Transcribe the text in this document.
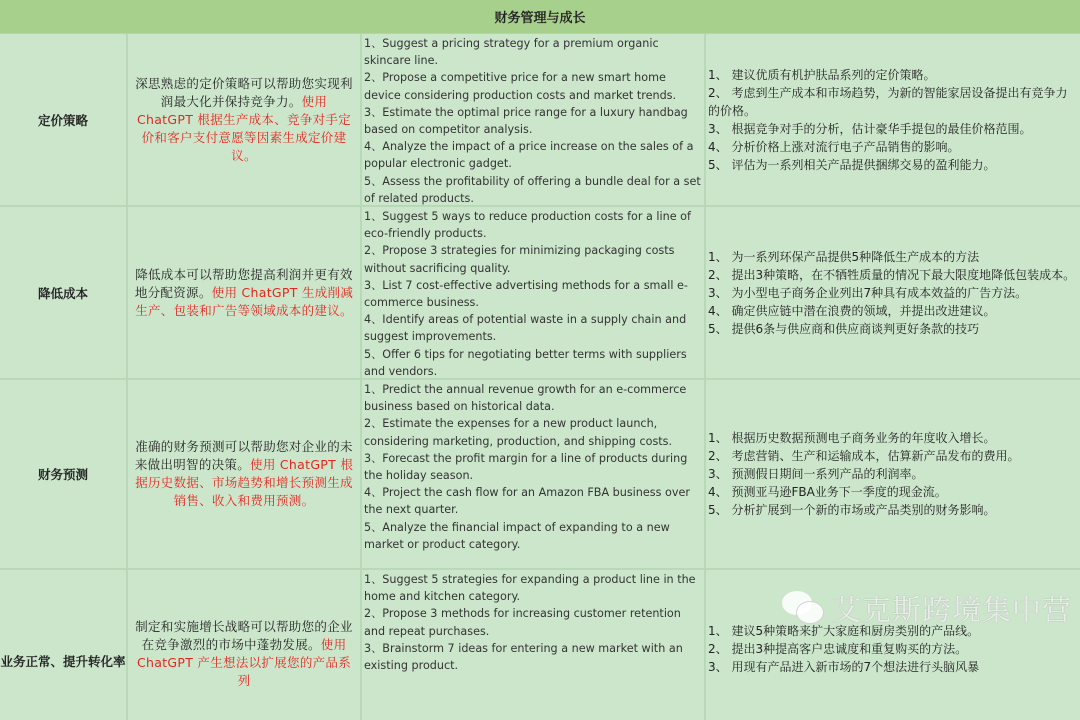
财务管理与成长
定价策略
深思熟虑的定价策略可以帮助您实现利润最大化并保持竞争力。使用 ChatGPT 根据生产成本、竞争对手定价和客户支付意愿等因素生成定价建议。
1、Suggest a pricing strategy for a premium organic skincare line.
2、Propose a competitive price for a new smart home device considering production costs and market trends.
3、Estimate the optimal price range for a luxury handbag based on competitor analysis.
4、Analyze the impact of a price increase on the sales of a popular electronic gadget.
5、Assess the profitability of offering a bundle deal for a set of related products.
1、 建议优质有机护肤品系列的定价策略。
2、 考虑到生产成本和市场趋势，为新的智能家居设备提出有竞争力的价格。
3、 根据竞争对手的分析，估计豪华手提包的最佳价格范围。
4、 分析价格上涨对流行电子产品销售的影响。
5、 评估为一系列相关产品提供捆绑交易的盈利能力。
降低成本
降低成本可以帮助您提高利润并更有效地分配资源。使用 ChatGPT 生成削减生产、包装和广告等领域成本的建议。
1、Suggest 5 ways to reduce production costs for a line of eco-friendly products.
2、Propose 3 strategies for minimizing packaging costs without sacrificing quality.
3、List 7 cost-effective advertising methods for a small e-commerce business.
4、Identify areas of potential waste in a supply chain and suggest improvements.
5、Offer 6 tips for negotiating better terms with suppliers and vendors.
1、 为一系列环保产品提供5种降低生产成本的方法
2、 提出3种策略，在不牺牲质量的情况下最大限度地降低包装成本。
3、 为小型电子商务企业列出7种具有成本效益的广告方法。
4、 确定供应链中潜在浪费的领域，并提出改进建议。
5、 提供6条与供应商和供应商谈判更好条款的技巧
财务预测
准确的财务预测可以帮助您对企业的未来做出明智的决策。使用 ChatGPT 根据历史数据、市场趋势和增长预测生成销售、收入和费用预测。
1、Predict the annual revenue growth for an e-commerce business based on historical data.
2、Estimate the expenses for a new product launch, considering marketing, production, and shipping costs.
3、Forecast the profit margin for a line of products during the holiday season.
4、Project the cash flow for an Amazon FBA business over the next quarter.
5、Analyze the financial impact of expanding to a new market or product category.
1、 根据历史数据预测电子商务业务的年度收入增长。
2、 考虑营销、生产和运输成本，估算新产品发布的费用。
3、 预测假日期间一系列产品的利润率。
4、 预测亚马逊FBA业务下一季度的现金流。
5、 分析扩展到一个新的市场或产品类别的财务影响。
业务正常、提升转化率
制定和实施增长战略可以帮助您的企业在竞争激烈的市场中蓬勃发展。使用 ChatGPT 产生想法以扩展您的产品系列
1、Suggest 5 strategies for expanding a product line in the home and kitchen category.
2、Propose 3 methods for increasing customer retention and repeat purchases.
3、Brainstorm 7 ideas for entering a new market with an existing product.
1、 建议5种策略来扩大家庭和厨房类别的产品线。
2、 提出3种提高客户忠诚度和重复购买的方法。
3、 用现有产品进入新市场的7个想法进行头脑风暴
艾克斯跨境集中营
